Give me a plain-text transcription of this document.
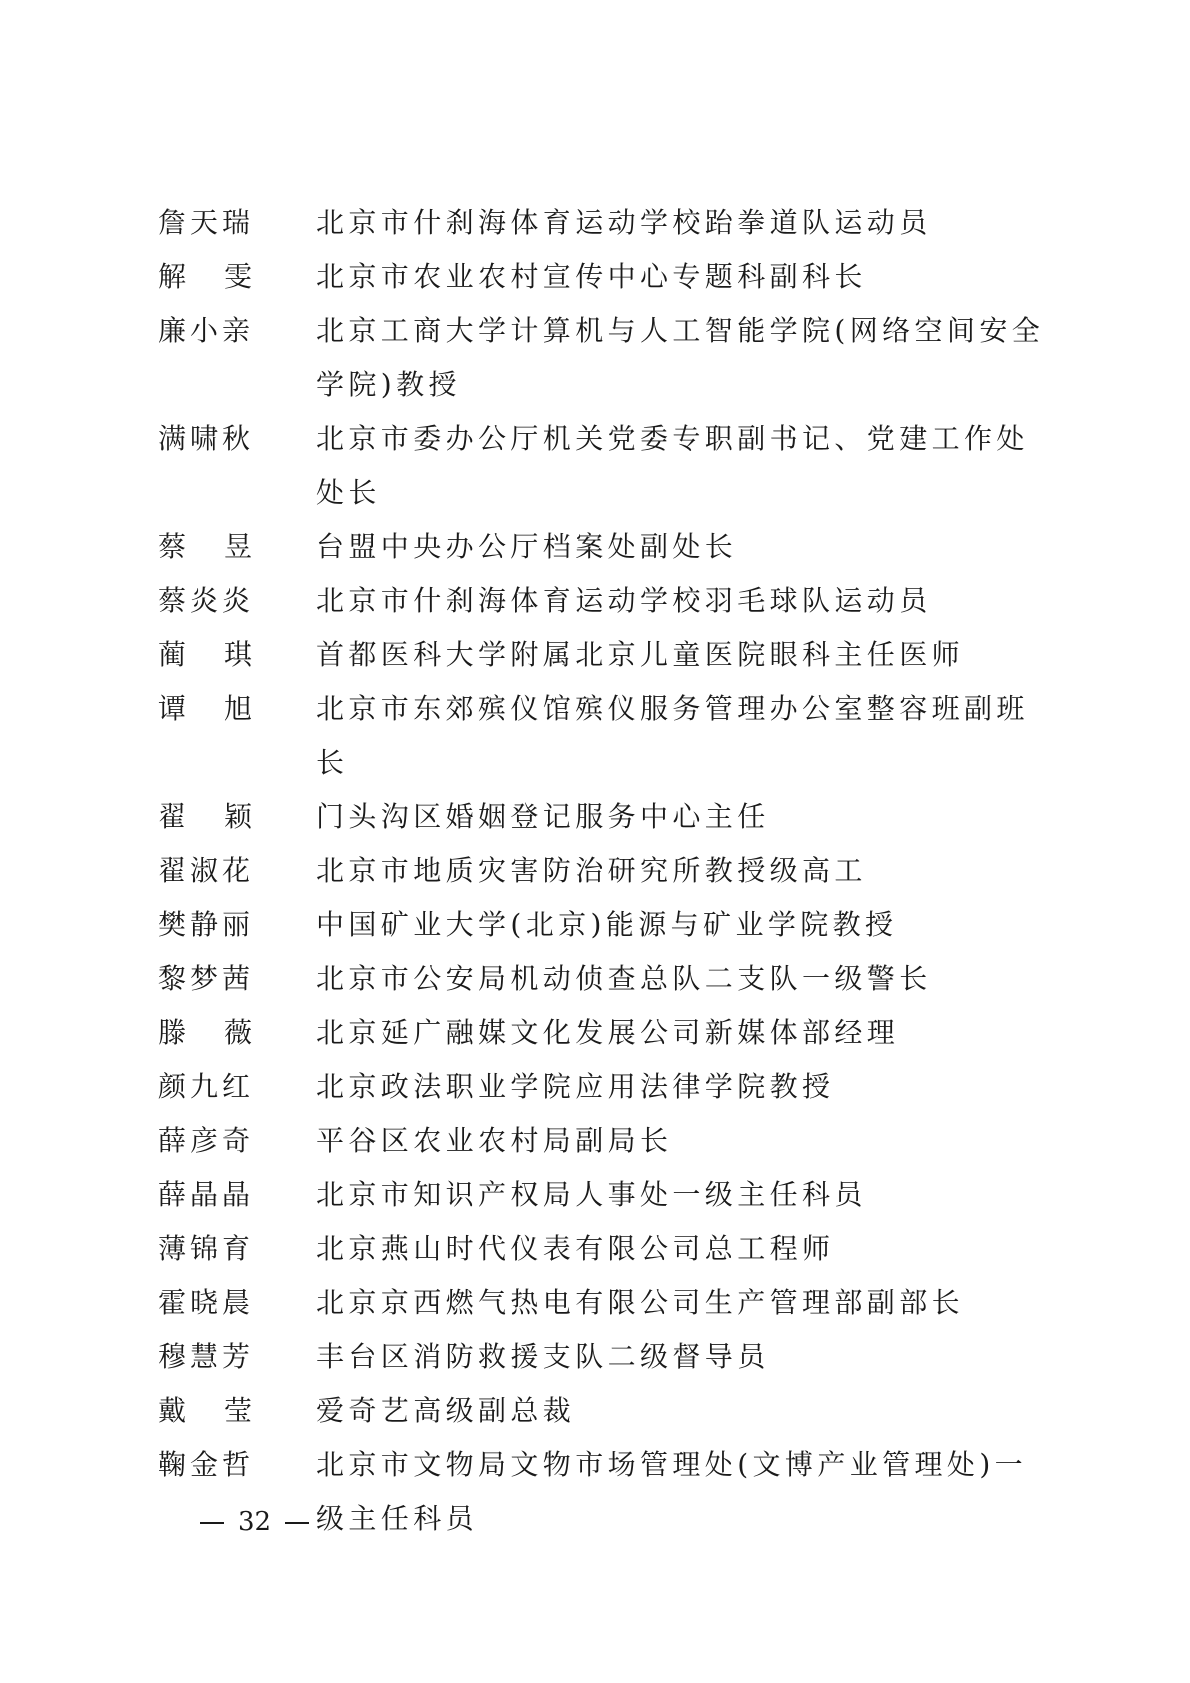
詹天瑞	北京市什刹海体育运动学校跆拳道队运动员
解雯 北京市农业农村宣传中心专题科副科长
廉小亲	北京工商大学计算机与人工智能学院(网络空间安全学院)教授
满啸秋	北京市委办公厅机关党委专职副书记、党建工作处处长
蔡昱 台盟中央办公厅档案处副处长
蔡炎炎	北京市什刹海体育运动学校羽毛球队运动员
蔺琪 首都医科大学附属北京儿童医院眼科主任医师
谭旭 北京市东郊殡仪馆殡仪服务管理办公室整容班副班长
翟颖 门头沟区婚姻登记服务中心主任
翟淑花	北京市地质灾害防治研究所教授级高工
樊静丽	中国矿业大学(北京)能源与矿业学院教授
黎梦茜	北京市公安局机动侦查总队二支队一级警长
滕薇 北京延广融媒文化发展公司新媒体部经理
颜九红	北京政法职业学院应用法律学院教授
薛彦奇	平谷区农业农村局副局长
薛晶晶	北京市知识产权局人事处一级主任科员
薄锦育	北京燕山时代仪表有限公司总工程师
霍晓晨	北京京西燃气热电有限公司生产管理部副部长
穆慧芳	丰台区消防救援支队二级督导员
戴莹 爱奇艺高级副总裁
鞠金哲	北京市文物局文物市场管理处(文博产业管理处)一级主任科员
32
